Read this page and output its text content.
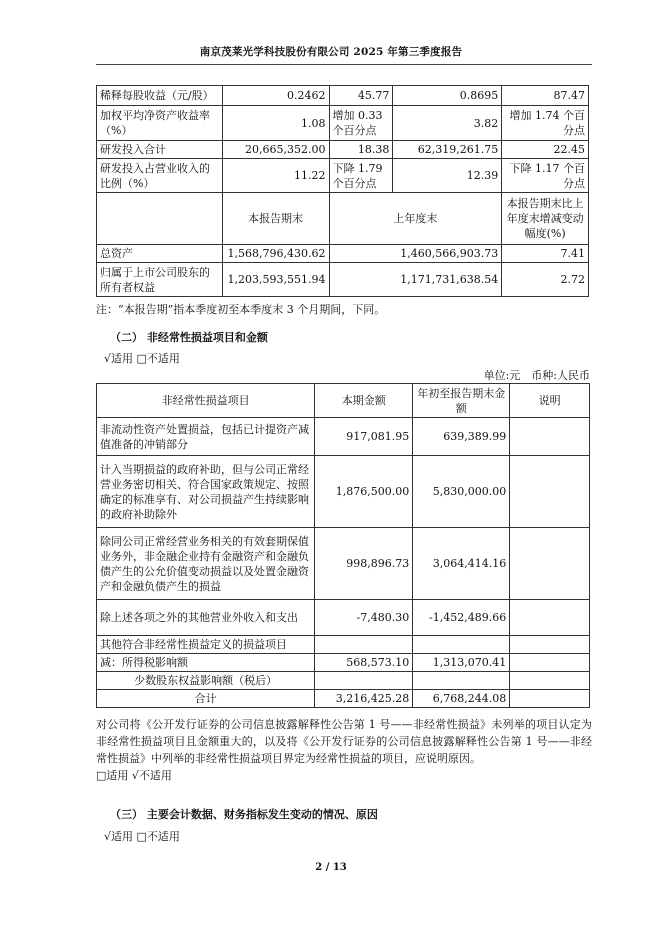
南京茂莱光学科技股份有限公司 2025 年第三季度报告
稀释每股收益（元/股）	0.2462	45.77	0.8695	87.47
加权平均净资产收益率（%）	1.08	增加 0.33 个百分点	3.82	增加 1.74 个百分点
研发投入合计	20,665,352.00	18.38	62,319,261.75	22.45
研发投入占营业收入的比例（%）	11.22	下降 1.79 个百分点	12.39	下降 1.17 个百分点
	本报告期末	上年度末		本报告期末比上年度末增减变动幅度(%)
总资产	1,568,796,430.62	1,460,566,903.73		7.41
归属于上市公司股东的所有者权益	1,203,593,551.94	1,171,731,638.54		2.72
注：“本报告期”指本季度初至本季度末 3 个月期间，下同。
（二） 非经常性损益项目和金额
√适用 □不适用
单位:元　币种:人民币
非经常性损益项目	本期金额	年初至报告期末金额	说明
非流动性资产处置损益，包括已计提资产减值准备的冲销部分	917,081.95	639,389.99	
计入当期损益的政府补助，但与公司正常经营业务密切相关、符合国家政策规定、按照确定的标准享有、对公司损益产生持续影响的政府补助除外	1,876,500.00	5,830,000.00	
除同公司正常经营业务相关的有效套期保值业务外，非金融企业持有金融资产和金融负债产生的公允价值变动损益以及处置金融资产和金融负债产生的损益	998,896.73	3,064,414.16	
除上述各项之外的其他营业外收入和支出	-7,480.30	-1,452,489.66	
其他符合非经常性损益定义的损益项目			
减：所得税影响额	568,573.10	1,313,070.41	
少数股东权益影响额（税后）			
合计	3,216,425.28	6,768,244.08	
对公司将《公开发行证券的公司信息披露解释性公告第 1 号——非经常性损益》未列举的项目认定为非经常性损益项目且金额重大的，以及将《公开发行证券的公司信息披露解释性公告第 1 号——非经常性损益》中列举的非经常性损益项目界定为经常性损益的项目，应说明原因。
□适用 √不适用
（三） 主要会计数据、财务指标发生变动的情况、原因
√适用 □不适用
2 / 13
